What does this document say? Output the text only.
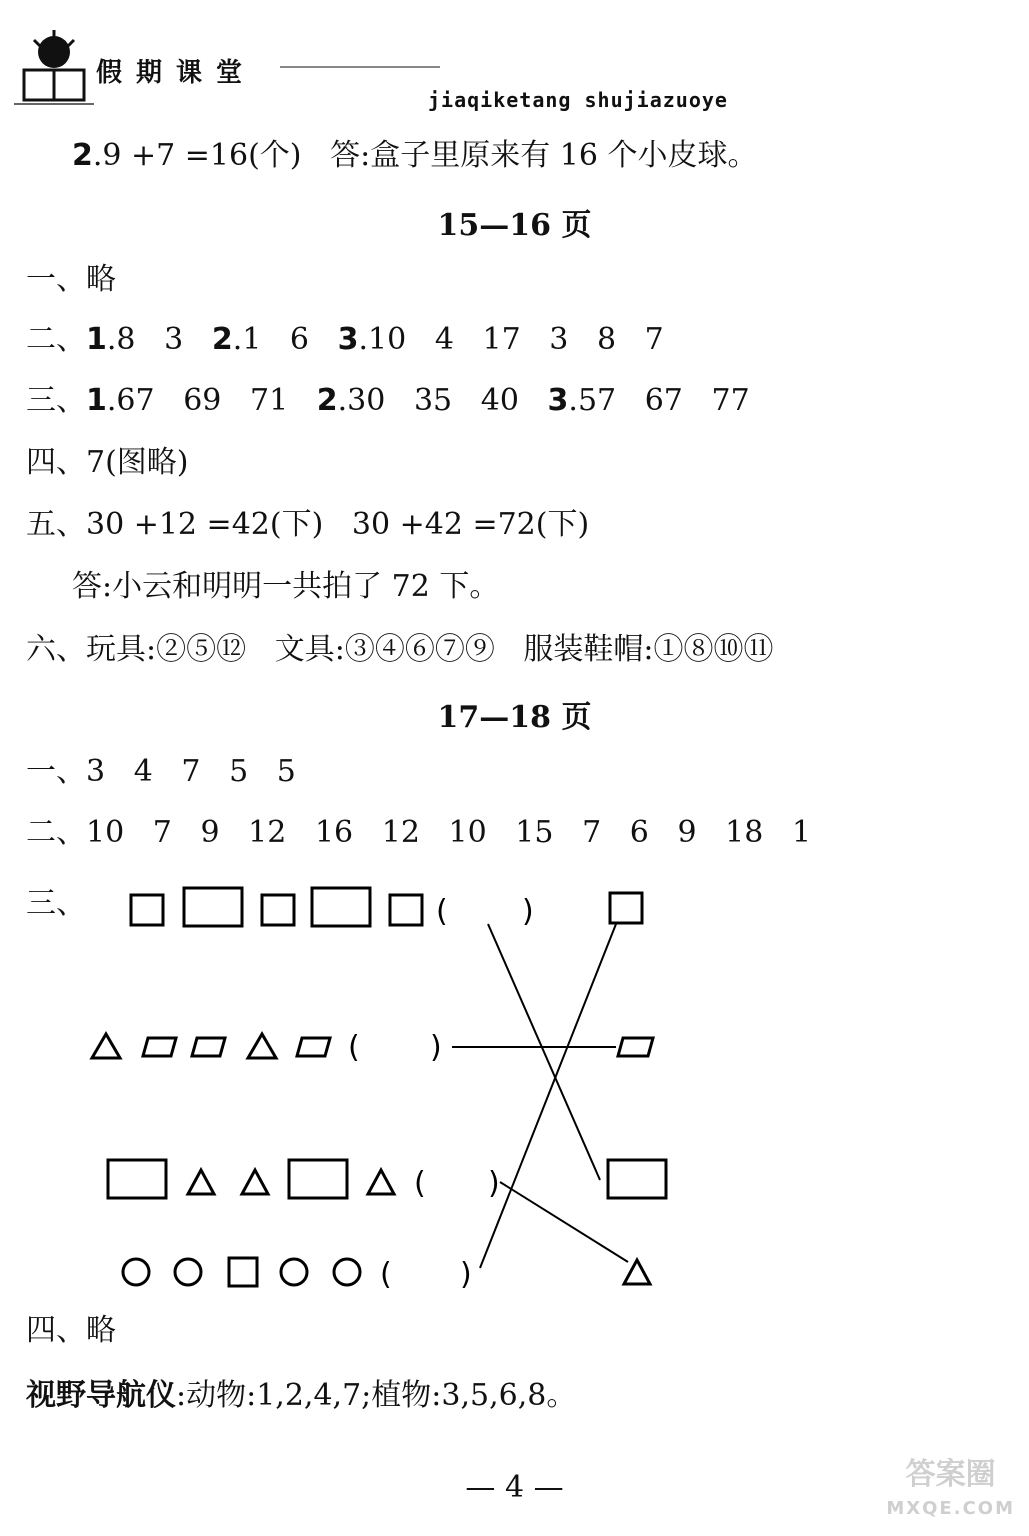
假期课堂
jiaqiketang shujiazuoye
2.9 +7 =16(个)   答:盒子里原来有 16 个小皮球。
15—16 页
一、略
二、1.8   3   2.1   6   3.10   4   17   3   8   7
三、1.67   69   71   2.30   35   40   3.57   67   77
四、7(图略)
五、30 +12 =42(下)   30 +42 =72(下)
答:小云和明明一共拍了 72 下。
六、玩具:②⑤⑫   文具:③④⑥⑦⑨   服装鞋帽:①⑧⑩⑪
17—18 页
一、3   4   7   5   5
二、10   7   9   12   16   12   10   15   7   6   9   18   1
三、	( )
( )
( )
( )
四、略
视野导航仪:动物:1,2,4,7;植物:3,5,6,8。
— 4 —	答案圈
MXQE.COM
